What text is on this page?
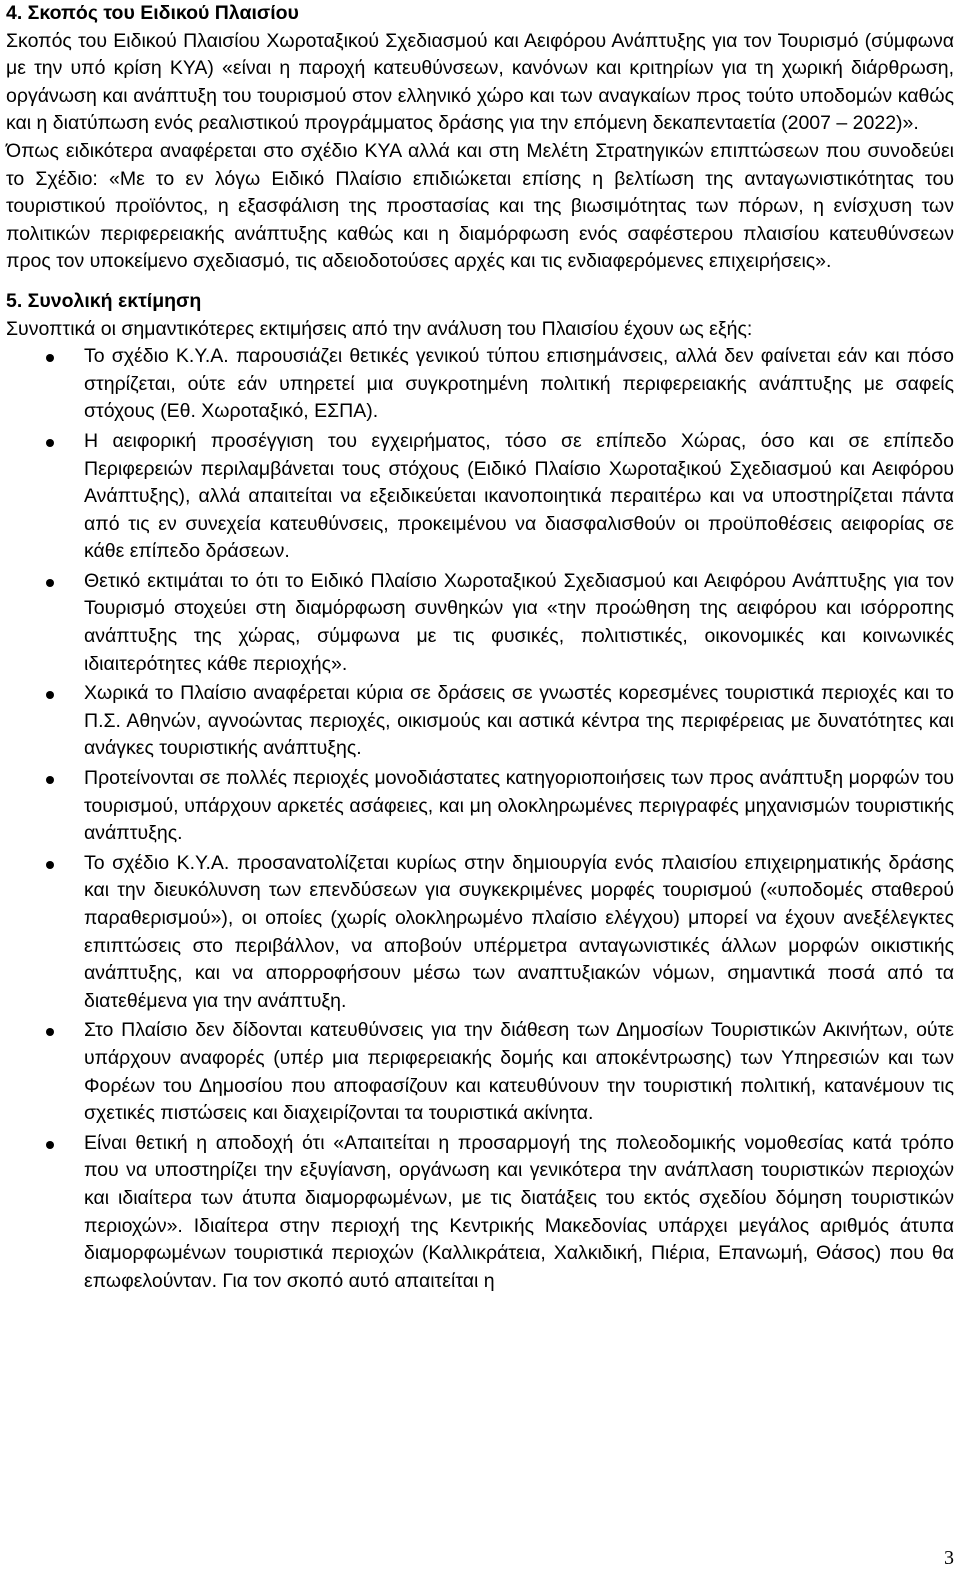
4. Σκοπός του Ειδικού Πλαισίου

Σκοπός του Ειδικού Πλαισίου Χωροταξικού Σχεδιασμού και Αειφόρου Ανάπτυξης για τον Τουρισμό (σύμφωνα με την υπό κρίση ΚΥΑ) «είναι η παροχή κατευθύνσεων, κανόνων και κριτηρίων για τη χωρική διάρθρωση, οργάνωση και ανάπτυξη του τουρισμού στον ελληνικό χώρο και των αναγκαίων προς τούτο υποδομών καθώς και η διατύπωση ενός ρεαλιστικού προγράμματος δράσης για την επόμενη δεκαπενταετία (2007 – 2022)».

Όπως ειδικότερα αναφέρεται στο σχέδιο ΚΥΑ αλλά και στη Μελέτη Στρατηγικών επιπτώσεων που συνοδεύει το Σχέδιο: «Με το εν λόγω Ειδικό Πλαίσιο επιδιώκεται επίσης η βελτίωση της ανταγωνιστικότητας του τουριστικού προϊόντος, η εξασφάλιση της προστασίας και της βιωσιμότητας των πόρων, η ενίσχυση των πολιτικών περιφερειακής ανάπτυξης καθώς και η διαμόρφωση ενός σαφέστερου πλαισίου κατευθύνσεων προς τον υποκείμενο σχεδιασμό, τις αδειοδοτούσες αρχές και τις ενδιαφερόμενες επιχειρήσεις».

5. Συνολική εκτίμηση

Συνοπτικά οι σημαντικότερες εκτιμήσεις από την ανάλυση του Πλαισίου έχουν ως εξής:

Το σχέδιο Κ.Υ.Α. παρουσιάζει θετικές γενικού τύπου επισημάνσεις, αλλά δεν φαίνεται εάν και πόσο στηρίζεται, ούτε εάν υπηρετεί μια συγκροτημένη πολιτική περιφερειακής ανάπτυξης με σαφείς στόχους (Εθ. Χωροταξικό, ΕΣΠΑ).
Η αειφορική προσέγγιση του εγχειρήματος, τόσο σε επίπεδο Χώρας, όσο και σε επίπεδο Περιφερειών περιλαμβάνεται τους στόχους (Ειδικό Πλαίσιο Χωροταξικού Σχεδιασμού και Αειφόρου Ανάπτυξης), αλλά απαιτείται να εξειδικεύεται ικανοποιητικά περαιτέρω και να υποστηρίζεται πάντα από τις εν συνεχεία κατευθύνσεις, προκειμένου να διασφαλισθούν οι προϋποθέσεις αειφορίας σε κάθε επίπεδο δράσεων.
Θετικό εκτιμάται το ότι το Ειδικό Πλαίσιο Χωροταξικού Σχεδιασμού και Αειφόρου Ανάπτυξης για τον Τουρισμό στοχεύει στη διαμόρφωση συνθηκών για «την προώθηση της αειφόρου και ισόρροπης ανάπτυξης της χώρας, σύμφωνα με τις φυσικές, πολιτιστικές, οικονομικές και κοινωνικές ιδιαιτερότητες κάθε περιοχής».
Χωρικά το Πλαίσιο αναφέρεται κύρια σε δράσεις σε γνωστές κορεσμένες τουριστικά περιοχές και το Π.Σ. Αθηνών, αγνοώντας περιοχές, οικισμούς και αστικά κέντρα της περιφέρειας με δυνατότητες και ανάγκες τουριστικής ανάπτυξης.
Προτείνονται σε πολλές περιοχές μονοδιάστατες κατηγοριοποιήσεις των προς ανάπτυξη μορφών του τουρισμού, υπάρχουν αρκετές ασάφειες, και μη ολοκληρωμένες περιγραφές μηχανισμών τουριστικής ανάπτυξης.
Το σχέδιο Κ.Υ.Α. προσανατολίζεται κυρίως στην δημιουργία ενός πλαισίου επιχειρηματικής δράσης και την διευκόλυνση των επενδύσεων για συγκεκριμένες μορφές τουρισμού («υποδομές σταθερού παραθερισμού»), οι οποίες (χωρίς ολοκληρωμένο πλαίσιο ελέγχου) μπορεί να έχουν ανεξέλεγκτες επιπτώσεις στο περιβάλλον, να αποβούν υπέρμετρα ανταγωνιστικές άλλων μορφών οικιστικής ανάπτυξης, και να απορροφήσουν μέσω των αναπτυξιακών νόμων, σημαντικά ποσά από τα διατεθέμενα για την ανάπτυξη.
Στο Πλαίσιο δεν δίδονται κατευθύνσεις για την διάθεση των Δημοσίων Τουριστικών Ακινήτων, ούτε υπάρχουν αναφορές (υπέρ μια περιφερειακής δομής και αποκέντρωσης) των Υπηρεσιών και των Φορέων του Δημοσίου που αποφασίζουν και κατευθύνουν την τουριστική πολιτική, κατανέμουν τις σχετικές πιστώσεις και διαχειρίζονται τα τουριστικά ακίνητα.
Είναι θετική η αποδοχή ότι «Απαιτείται η προσαρμογή της πολεοδομικής νομοθεσίας κατά τρόπο που να υποστηρίζει την εξυγίανση, οργάνωση και γενικότερα την ανάπλαση τουριστικών περιοχών και ιδιαίτερα των άτυπα διαμορφωμένων, με τις διατάξεις του εκτός σχεδίου δόμηση τουριστικών περιοχών». Ιδιαίτερα στην περιοχή της Κεντρικής Μακεδονίας υπάρχει μεγάλος αριθμός άτυπα διαμορφωμένων τουριστικά περιοχών (Καλλικράτεια, Χαλκιδική, Πιέρια, Επανωμή, Θάσος) που θα επωφελούνταν. Για τον σκοπό αυτό απαιτείται η
3
